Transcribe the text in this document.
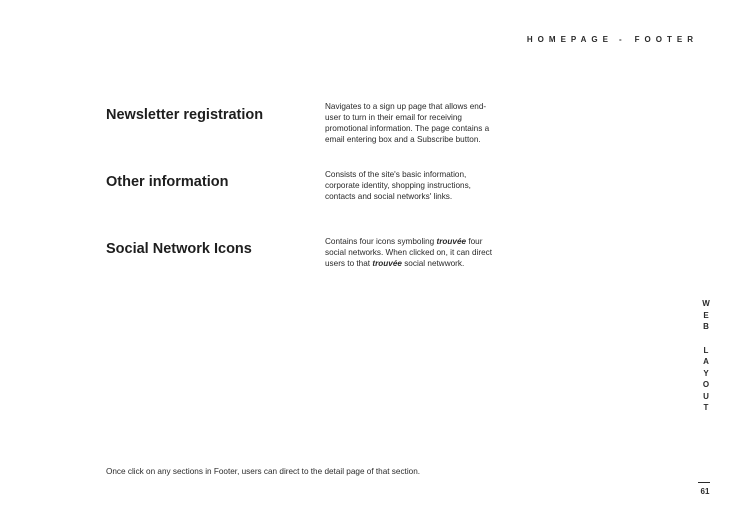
HOMEPAGE - FOOTER
Newsletter registration
Navigates to a sign up page that allows end-user to turn in their email for receiving promotional information. The page contains a email entering box and a Subscribe button.
Other information	Consists of the site's basic information, corporate identity, shopping instructions, contacts and social networks' links.
Social Network Icons	Contains four icons symboling trouvée four social networks. When clicked on, it can direct users to that trouvée social netwwork.
W
E
B
L
A
Y
O
U
T
Once click on any sections in Footer, users can direct to the detail page of that section.
61
